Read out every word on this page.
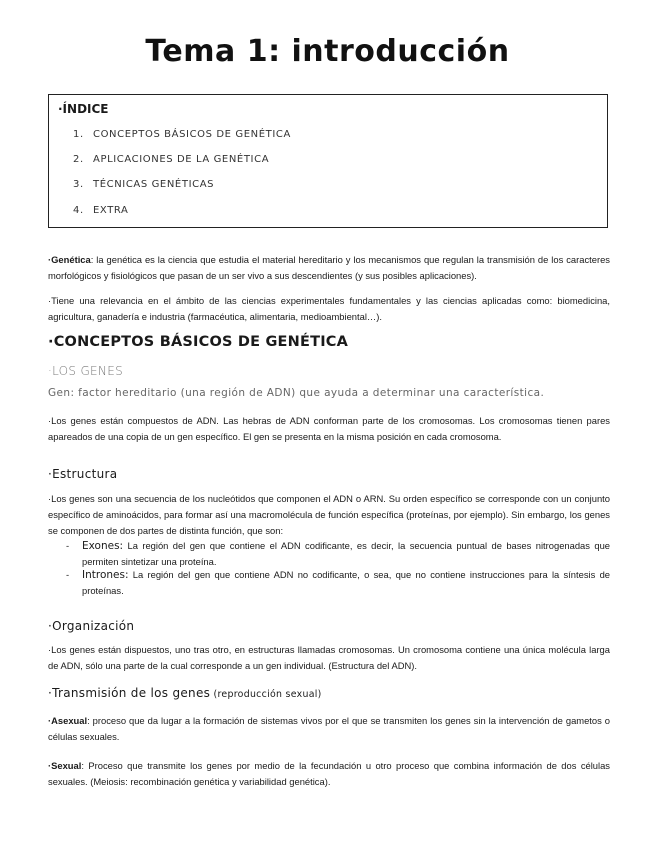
Tema 1: introducción
·ÍNDICE
1. CONCEPTOS BÁSICOS DE GENÉTICA
2. APLICACIONES DE LA GENÉTICA
3. TÉCNICAS GENÉTICAS
4. EXTRA
·Genética: la genética es la ciencia que estudia el material hereditario y los mecanismos que regulan la transmisión de los caracteres morfológicos y fisiológicos que pasan de un ser vivo a sus descendientes (y sus posibles aplicaciones).
·Tiene una relevancia en el ámbito de las ciencias experimentales fundamentales y las ciencias aplicadas como: biomedicina, agricultura, ganadería e industria (farmacéutica, alimentaria, medioambiental…).
·CONCEPTOS BÁSICOS DE GENÉTICA
·LOS GENES
Gen: factor hereditario (una región de ADN) que ayuda a determinar una característica.
·Los genes están compuestos de ADN. Las hebras de ADN conforman parte de los cromosomas. Los cromosomas tienen pares apareados de una copia de un gen específico. El gen se presenta en la misma posición en cada cromosoma.
·Estructura
·Los genes son una secuencia de los nucleótidos que componen el ADN o ARN. Su orden específico se corresponde con un conjunto específico de aminoácidos, para formar así una macromolécula de función específica (proteínas, por ejemplo). Sin embargo, los genes se componen de dos partes de distinta función, que son:
- Exones: La región del gen que contiene el ADN codificante, es decir, la secuencia puntual de bases nitrogenadas que permiten sintetizar una proteína.
- Intrones: La región del gen que contiene ADN no codificante, o sea, que no contiene instrucciones para la síntesis de proteínas.
·Organización
·Los genes están dispuestos, uno tras otro, en estructuras llamadas cromosomas. Un cromosoma contiene una única molécula larga de ADN, sólo una parte de la cual corresponde a un gen individual. (Estructura del ADN).
·Transmisión de los genes (reproducción sexual)
·Asexual: proceso que da lugar a la formación de sistemas vivos por el que se transmiten los genes sin la intervención de gametos o células sexuales.
·Sexual: Proceso que transmite los genes por medio de la fecundación u otro proceso que combina información de dos células sexuales. (Meiosis: recombinación genética y variabilidad genética).
